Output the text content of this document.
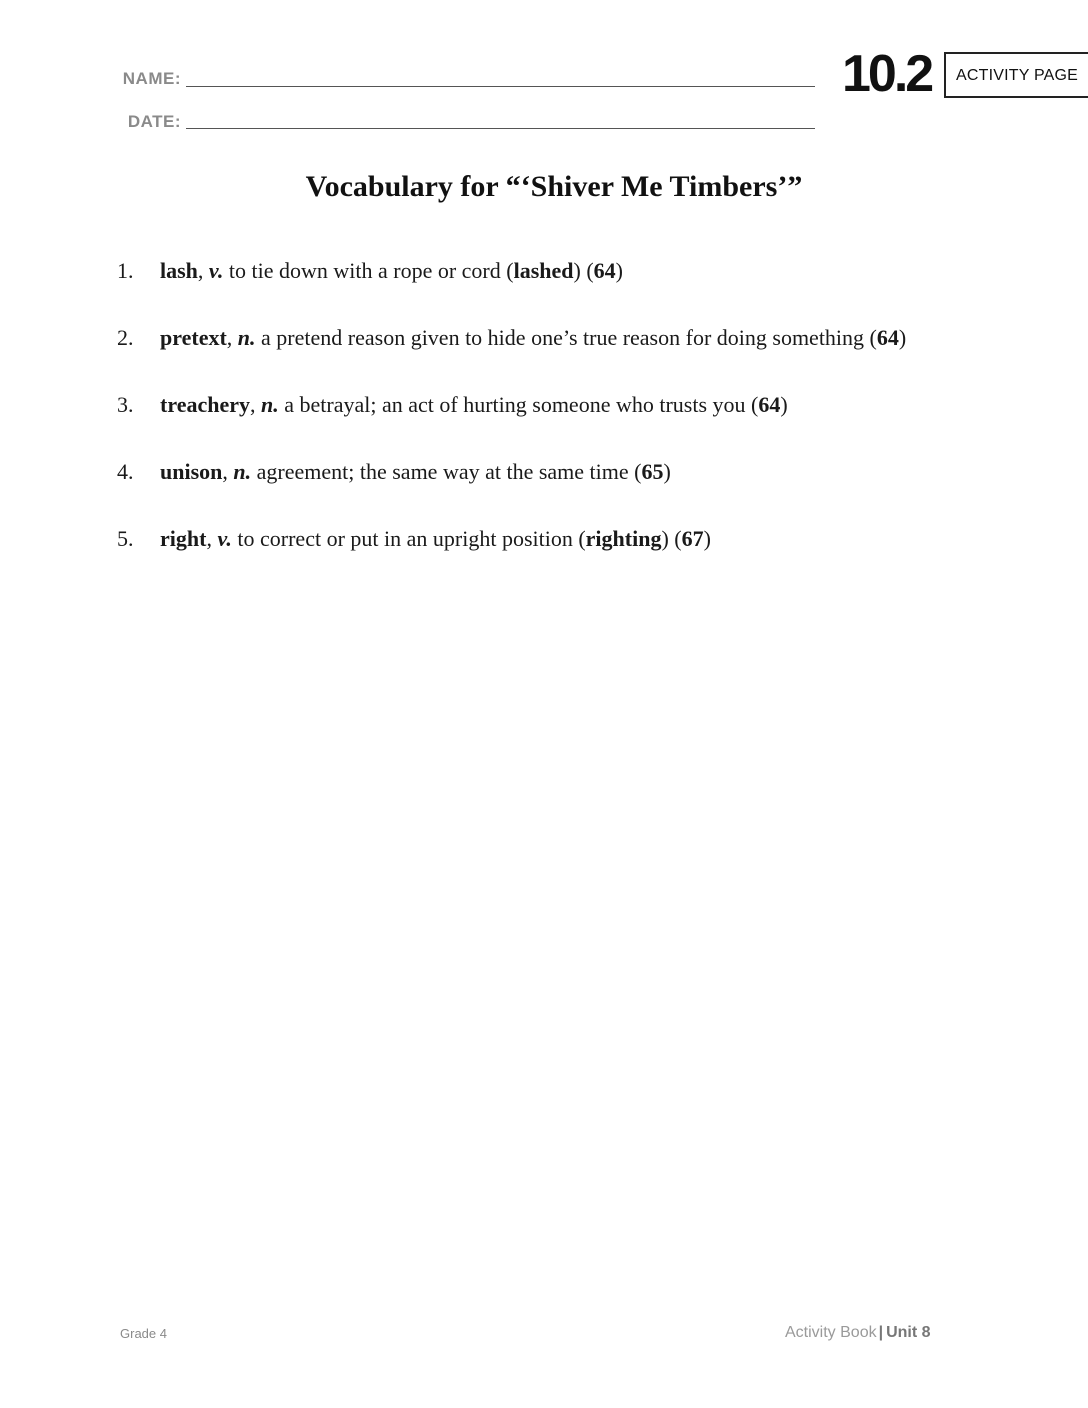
NAME:
DATE:
10.2 ACTIVITY PAGE
Vocabulary for “‘Shiver Me Timbers’”
1.	lash, v. to tie down with a rope or cord (lashed) (64)
2.	pretext, n. a pretend reason given to hide one’s true reason for doing something (64)
3.	treachery, n. a betrayal; an act of hurting someone who trusts you (64)
4.	unison, n. agreement; the same way at the same time (65)
5.	right, v. to correct or put in an upright position (righting) (67)
Grade 4	Activity Book | Unit 8
